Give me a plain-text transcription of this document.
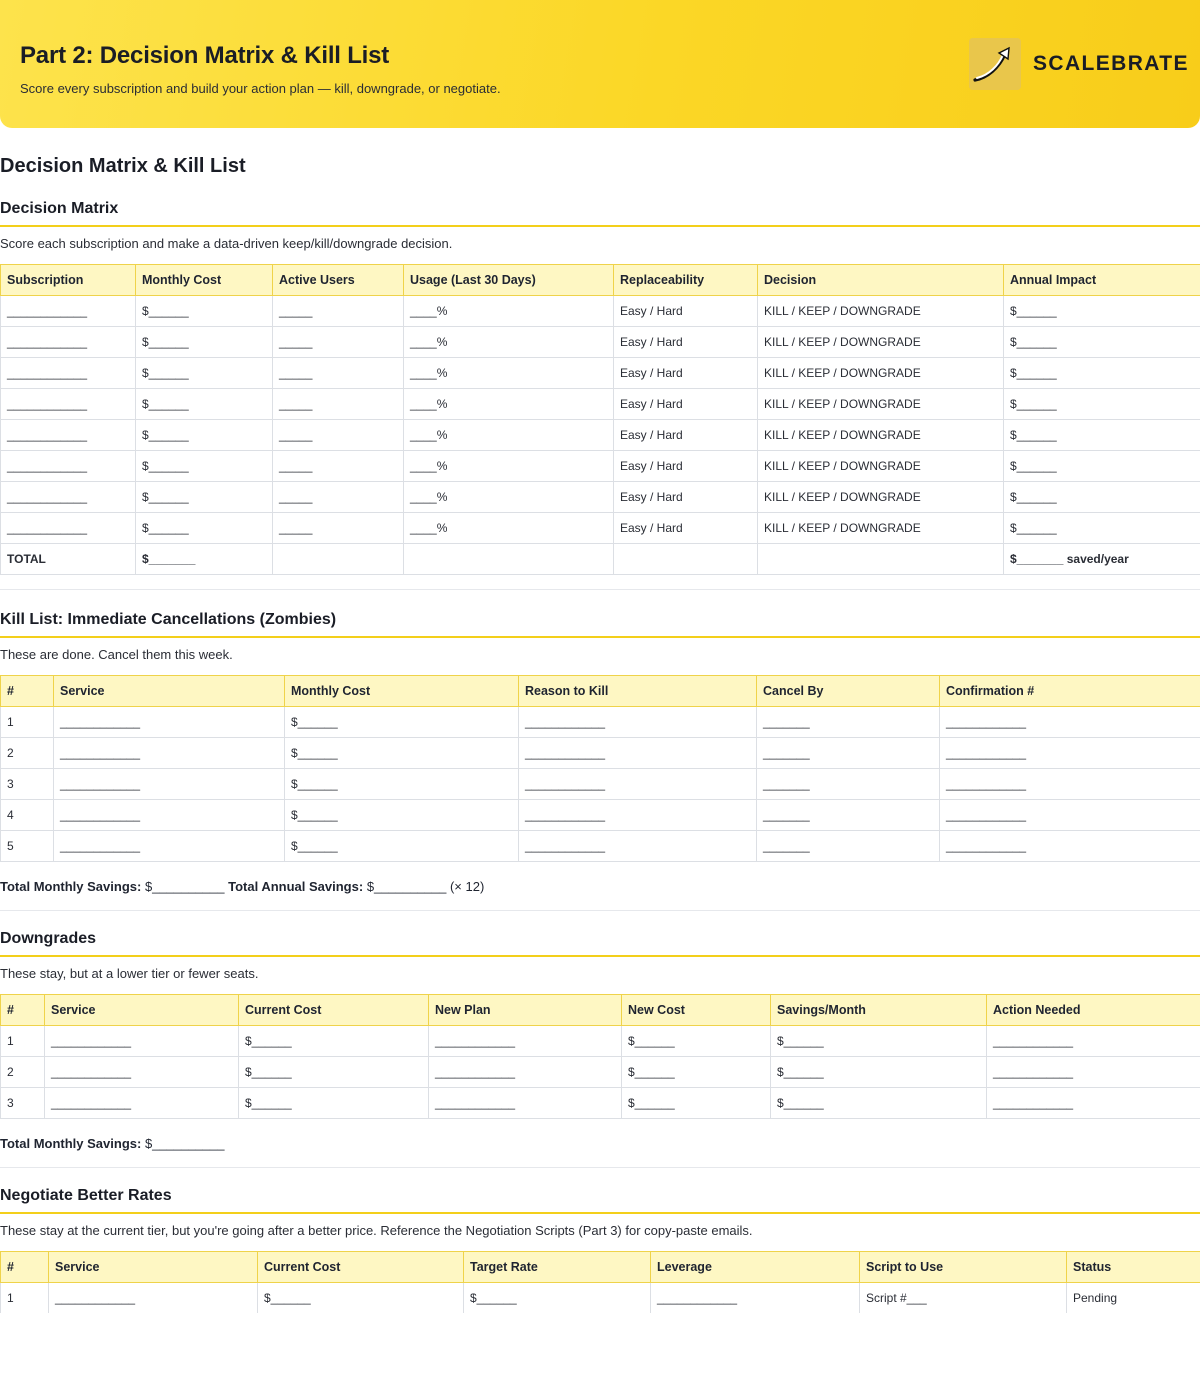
Part 2: Decision Matrix & Kill List
Score every subscription and build your action plan — kill, downgrade, or negotiate.
SCALEBRATE
Decision Matrix & Kill List
Decision Matrix
Score each subscription and make a data-driven keep/kill/downgrade decision.
Subscription	Monthly Cost	Active Users	Usage (Last 30 Days)	Replaceability	Decision	Annual Impact
____________	$______	_____	____%	Easy / Hard	KILL / KEEP / DOWNGRADE	$______
____________	$______	_____	____%	Easy / Hard	KILL / KEEP / DOWNGRADE	$______
____________	$______	_____	____%	Easy / Hard	KILL / KEEP / DOWNGRADE	$______
____________	$______	_____	____%	Easy / Hard	KILL / KEEP / DOWNGRADE	$______
____________	$______	_____	____%	Easy / Hard	KILL / KEEP / DOWNGRADE	$______
____________	$______	_____	____%	Easy / Hard	KILL / KEEP / DOWNGRADE	$______
____________	$______	_____	____%	Easy / Hard	KILL / KEEP / DOWNGRADE	$______
____________	$______	_____	____%	Easy / Hard	KILL / KEEP / DOWNGRADE	$______
TOTAL	$_______					$_______ saved/year
Kill List: Immediate Cancellations (Zombies)
These are done. Cancel them this week.
#	Service	Monthly Cost	Reason to Kill	Cancel By	Confirmation #
1	____________	$______	____________	_______	____________
2	____________	$______	____________	_______	____________
3	____________	$______	____________	_______	____________
4	____________	$______	____________	_______	____________
5	____________	$______	____________	_______	____________
Total Monthly Savings: $__________ Total Annual Savings: $__________ (× 12)
Downgrades
These stay, but at a lower tier or fewer seats.
#	Service	Current Cost	New Plan	New Cost	Savings/Month	Action Needed
1	____________	$______	____________	$______	$______	____________
2	____________	$______	____________	$______	$______	____________
3	____________	$______	____________	$______	$______	____________
Total Monthly Savings: $__________
Negotiate Better Rates
These stay at the current tier, but you're going after a better price. Reference the Negotiation Scripts (Part 3) for copy-paste emails.
#	Service	Current Cost	Target Rate	Leverage	Script to Use	Status
1	____________	$______	$______	____________	Script #___	Pending
